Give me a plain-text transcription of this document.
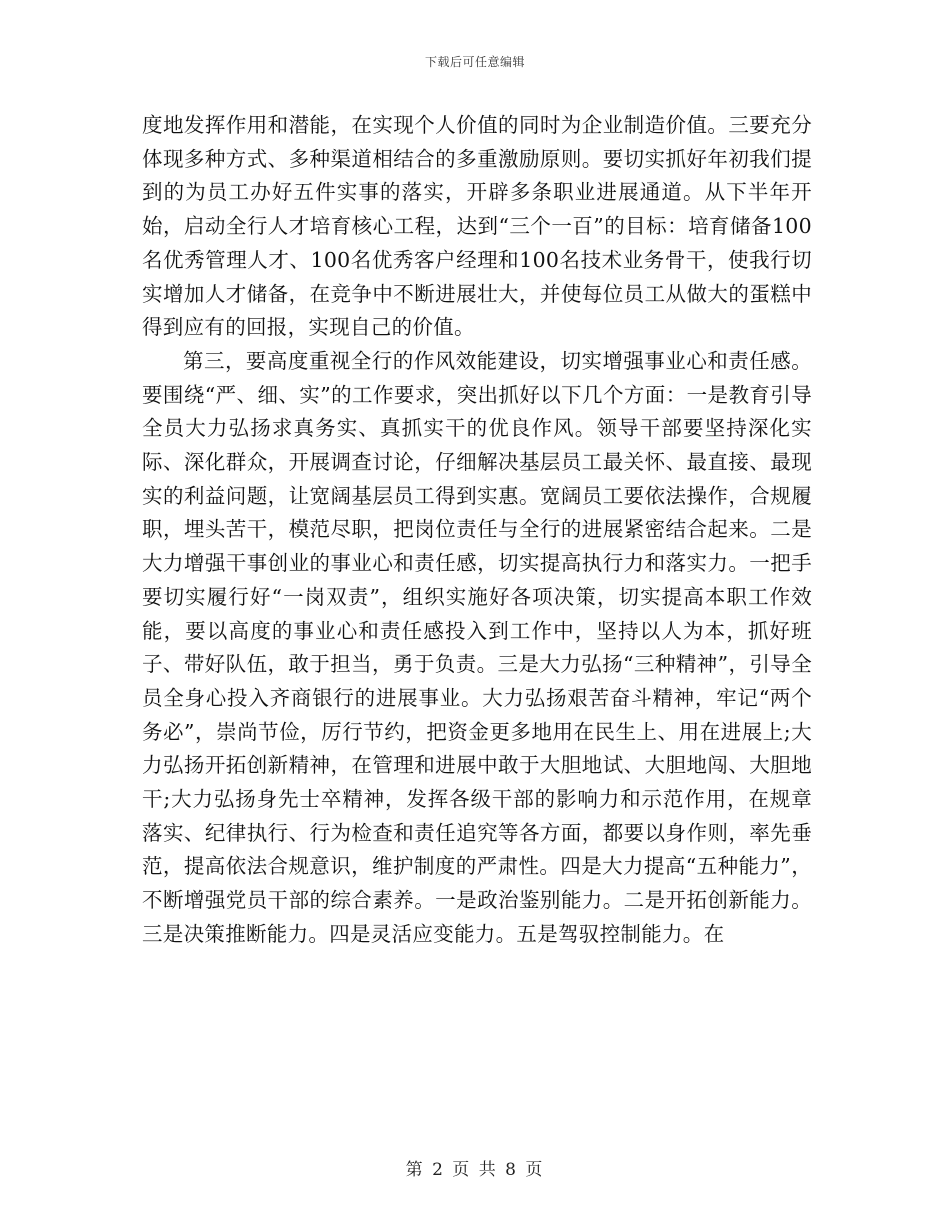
下载后可任意编辑

度地发挥作用和潜能，在实现个人价值的同时为企业制造价值。三要充分体现多种方式、多种渠道相结合的多重激励原则。要切实抓好年初我们提到的为员工办好五件实事的落实，开辟多条职业进展通道。从下半年开始，启动全行人才培育核心工程，达到“三个一百”的目标：培育储备100名优秀管理人才、100名优秀客户经理和100名技术业务骨干，使我行切实增加人才储备，在竞争中不断进展壮大，并使每位员工从做大的蛋糕中得到应有的回报，实现自己的价值。

第三，要高度重视全行的作风效能建设，切实增强事业心和责任感。要围绕“严、细、实”的工作要求，突出抓好以下几个方面：一是教育引导全员大力弘扬求真务实、真抓实干的优良作风。领导干部要坚持深化实际、深化群众，开展调查讨论，仔细解决基层员工最关怀、最直接、最现实的利益问题，让宽阔基层员工得到实惠。宽阔员工要依法操作，合规履职，埋头苦干，模范尽职，把岗位责任与全行的进展紧密结合起来。二是大力增强干事创业的事业心和责任感，切实提高执行力和落实力。一把手要切实履行好“一岗双责”，组织实施好各项决策，切实提高本职工作效能，要以高度的事业心和责任感投入到工作中，坚持以人为本，抓好班子、带好队伍，敢于担当，勇于负责。三是大力弘扬“三种精神”，引导全员全身心投入齐商银行的进展事业。大力弘扬艰苦奋斗精神，牢记“两个务必”，崇尚节俭，厉行节约，把资金更多地用在民生上、用在进展上;大力弘扬开拓创新精神，在管理和进展中敢于大胆地试、大胆地闯、大胆地干;大力弘扬身先士卒精神，发挥各级干部的影响力和示范作用，在规章落实、纪律执行、行为检查和责任追究等各方面，都要以身作则，率先垂范，提高依法合规意识，维护制度的严肃性。四是大力提高“五种能力”，不断增强党员干部的综合素养。一是政治鉴别能力。二是开拓创新能力。三是决策推断能力。四是灵活应变能力。五是驾驭控制能力。在

第 2 页 共 8 页
